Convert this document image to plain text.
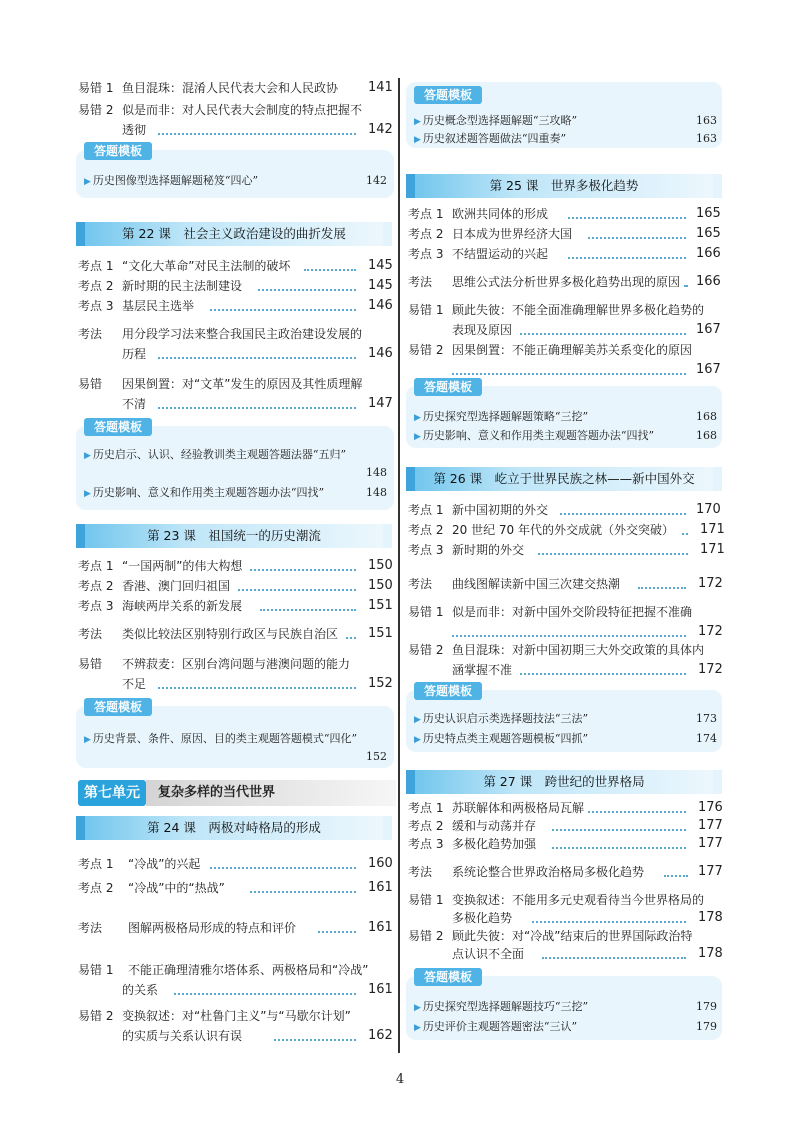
易错 1 鱼目混珠：混淆人民代表大会和人民政协 141
易错 2 似是而非：对人民代表大会制度的特点把握不
透彻	142
答题模板
▶ 历史图像型选择题解题秘笈“四心”	142
第 22 课　社会主义政治建设的曲折发展
考点 1 “文化大革命”对民主法制的破坏	145
考点 2 新时期的民主法制建设	145
考点 3 基层民主选举	146
考法 用分段学习法来整合我国民主政治建设发展的
历程	146
易错 因果倒置：对“文革”发生的原因及其性质理解
不清	147
答题模板
▶ 历史启示、认识、经验教训类主观题答题法器“五归”
148
▶ 历史影响、意义和作用类主观题答题办法“四找”	148
第 23 课　祖国统一的历史潮流
考点 1 “一国两制”的伟大构想	150
考点 2 香港、澳门回归祖国	150
考点 3 海峡两岸关系的新发展	151
考法 类似比较法区别特别行政区与民族自治区 151
易错 不辨菽麦：区别台湾问题与港澳问题的能力
不足	152
答题模板
▶ 历史背景、条件、原因、目的类主观题答题模式“四化”
152
第七单元	复杂多样的当代世界
第 24 课　两极对峙格局的形成
考点 1 “冷战”的兴起	160
考点 2 “冷战”中的“热战”	161
考法 图解两极格局形成的特点和评价	161
易错 1 不能正确理清雅尔塔体系、两极格局和“冷战”
的关系	161
易错 2 变换叙述：对“杜鲁门主义”与“马歇尔计划”
的实质与关系认识有误	162
答题模板
▶ 历史概念型选择题解题“三攻略”	163
▶ 历史叙述题答题做法“四重奏”	163
第 25 课　世界多极化趋势
考点 1 欧洲共同体的形成	165
考点 2 日本成为世界经济大国	165
考点 3 不结盟运动的兴起	166
考法 思维公式法分析世界多极化趋势出现的原因 166
易错 1 顾此失彼：不能全面准确理解世界多极化趋势的
表现及原因	167
易错 2 因果倒置：不能正确理解美苏关系变化的原因
167
答题模板
▶ 历史探究型选择题解题策略“三挖”	168
▶ 历史影响、意义和作用类主观题答题办法“四找”	168
第 26 课　屹立于世界民族之林——新中国外交
考点 1 新中国初期的外交	170
考点 2 20 世纪 70 年代的外交成就（外交突破） 171
考点 3 新时期的外交	171
考法 曲线图解读新中国三次建交热潮	172
易错 1 似是而非：对新中国外交阶段特征把握不准确
172
易错 2 鱼目混珠：对新中国初期三大外交政策的具体内
涵掌握不准	172
答题模板
▶ 历史认识启示类选择题技法“三法”	173
▶ 历史特点类主观题答题模板“四抓”	174
第 27 课　跨世纪的世界格局
考点 1 苏联解体和两极格局瓦解	176
考点 2 缓和与动荡并存	177
考点 3 多极化趋势加强	177
考法 系统论整合世界政治格局多极化趋势	177
易错 1 变换叙述：不能用多元史观看待当今世界格局的
多极化趋势	178
易错 2 顾此失彼：对“冷战”结束后的世界国际政治特
点认识不全面	178
答题模板
▶ 历史探究型选择题解题技巧“三挖”	179
▶ 历史评价主观题答题密法“三认”	179
4
